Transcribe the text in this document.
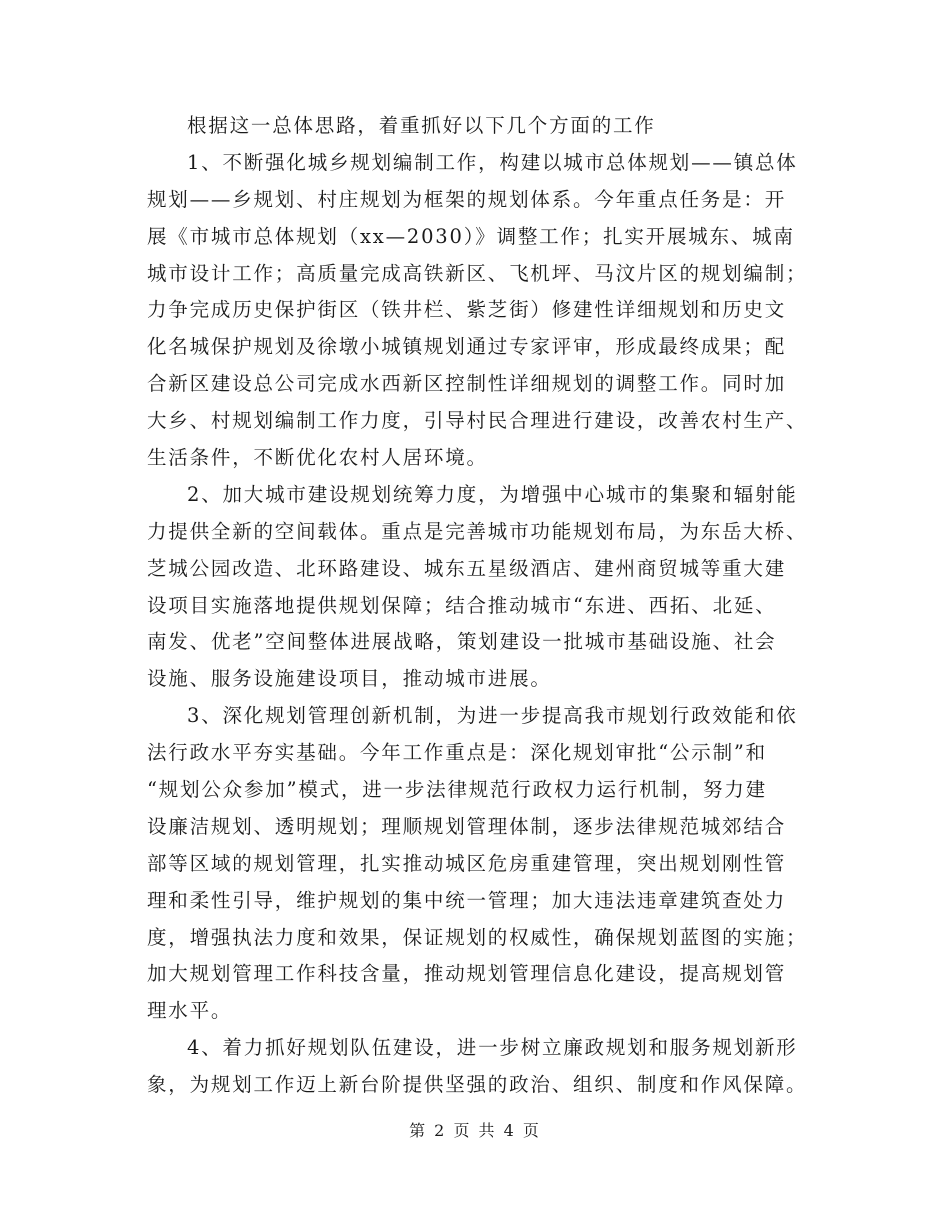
根据这一总体思路，着重抓好以下几个方面的工作
1、不断强化城乡规划编制工作，构建以城市总体规划——镇总体
规划——乡规划、村庄规划为框架的规划体系。今年重点任务是：开
展《市城市总体规划（xx—2030）》调整工作；扎实开展城东、城南
城市设计工作；高质量完成高铁新区、飞机坪、马汶片区的规划编制；
力争完成历史保护街区（铁井栏、紫芝街）修建性详细规划和历史文
化名城保护规划及徐墩小城镇规划通过专家评审，形成最终成果；配
合新区建设总公司完成水西新区控制性详细规划的调整工作。同时加
大乡、村规划编制工作力度，引导村民合理进行建设，改善农村生产、
生活条件，不断优化农村人居环境。
2、加大城市建设规划统筹力度，为增强中心城市的集聚和辐射能
力提供全新的空间载体。重点是完善城市功能规划布局，为东岳大桥、
芝城公园改造、北环路建设、城东五星级酒店、建州商贸城等重大建
设项目实施落地提供规划保障；结合推动城市“东进、西拓、北延、
南发、优老”空间整体进展战略，策划建设一批城市基础设施、社会
设施、服务设施建设项目，推动城市进展。
3、深化规划管理创新机制，为进一步提高我市规划行政效能和依
法行政水平夯实基础。今年工作重点是：深化规划审批“公示制”和
“规划公众参加”模式，进一步法律规范行政权力运行机制，努力建
设廉洁规划、透明规划；理顺规划管理体制，逐步法律规范城郊结合
部等区域的规划管理，扎实推动城区危房重建管理，突出规划刚性管
理和柔性引导，维护规划的集中统一管理；加大违法违章建筑查处力
度，增强执法力度和效果，保证规划的权威性，确保规划蓝图的实施；
加大规划管理工作科技含量，推动规划管理信息化建设，提高规划管
理水平。
4、着力抓好规划队伍建设，进一步树立廉政规划和服务规划新形
象，为规划工作迈上新台阶提供坚强的政治、组织、制度和作风保障。
第 2 页 共 4 页
